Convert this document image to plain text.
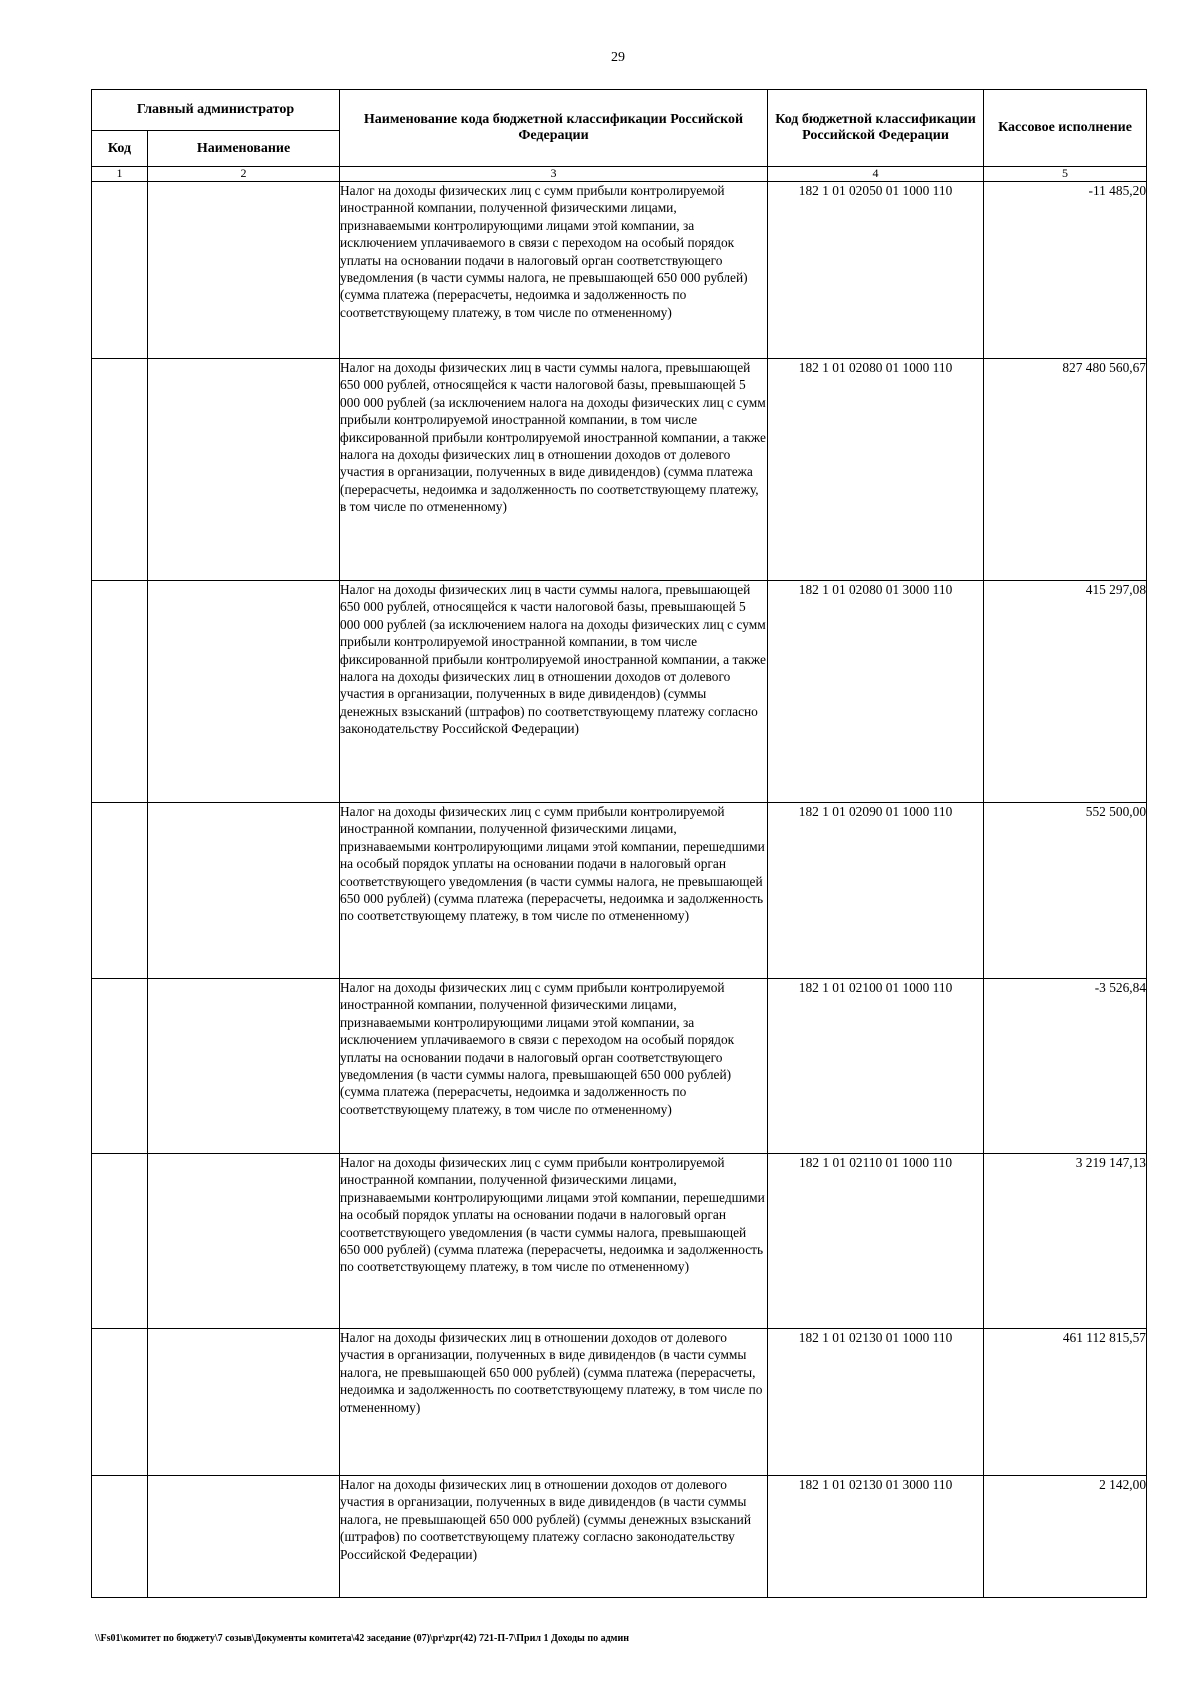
29
Главный администратор		Наименование кода бюджетной классификации Российской Федерации	Код бюджетной классификации Российской Федерации	Кассовое исполнение
Код	Наименование			
1	2	3	4	5
		Налог на доходы физических лиц с сумм прибыли контролируемой иностранной компании, полученной физическими лицами, признаваемыми контролирующими лицами этой компании, за исключением уплачиваемого в связи с переходом на особый порядок уплаты на основании подачи в налоговый орган соответствующего уведомления (в части суммы налога, не превышающей 650 000 рублей) (сумма платежа (перерасчеты, недоимка и задолженность по соответствующему платежу, в том числе по отмененному)	182 1 01 02050 01 1000 110	-11 485,20
		Налог на доходы физических лиц в части суммы налога, превышающей 650 000 рублей, относящейся к части налоговой базы, превышающей 5 000 000 рублей (за исключением налога на доходы физических лиц с сумм прибыли контролируемой иностранной компании, в том числе фиксированной прибыли контролируемой иностранной компании, а также налога на доходы физических лиц в отношении доходов от долевого участия в организации, полученных в виде дивидендов) (сумма платежа (перерасчеты, недоимка и задолженность по соответствующему платежу, в том числе по отмененному)	182 1 01 02080 01 1000 110	827 480 560,67
		Налог на доходы физических лиц в части суммы налога, превышающей 650 000 рублей, относящейся к части налоговой базы, превышающей 5 000 000 рублей (за исключением налога на доходы физических лиц с сумм прибыли контролируемой иностранной компании, в том числе фиксированной прибыли контролируемой иностранной компании, а также налога на доходы физических лиц в отношении доходов от долевого участия в организации, полученных в виде дивидендов) (суммы денежных взысканий (штрафов) по соответствующему платежу согласно законодательству Российской Федерации)	182 1 01 02080 01 3000 110	415 297,08
		Налог на доходы физических лиц с сумм прибыли контролируемой иностранной компании, полученной физическими лицами, признаваемыми контролирующими лицами этой компании, перешедшими на особый порядок уплаты на основании подачи в налоговый орган соответствующего уведомления (в части суммы налога, не превышающей 650 000 рублей) (сумма платежа (перерасчеты, недоимка и задолженность по соответствующему платежу, в том числе по отмененному)	182 1 01 02090 01 1000 110	552 500,00
		Налог на доходы физических лиц с сумм прибыли контролируемой иностранной компании, полученной физическими лицами, признаваемыми контролирующими лицами этой компании, за исключением уплачиваемого в связи с переходом на особый порядок уплаты на основании подачи в налоговый орган соответствующего уведомления (в части суммы налога, превышающей 650 000 рублей) (сумма платежа (перерасчеты, недоимка и задолженность по соответствующему платежу, в том числе по отмененному)	182 1 01 02100 01 1000 110	-3 526,84
		Налог на доходы физических лиц с сумм прибыли контролируемой иностранной компании, полученной физическими лицами, признаваемыми контролирующими лицами этой компании, перешедшими на особый порядок уплаты на основании подачи в налоговый орган соответствующего уведомления (в части суммы налога, превышающей 650 000 рублей) (сумма платежа (перерасчеты, недоимка и задолженность по соответствующему платежу, в том числе по отмененному)	182 1 01 02110 01 1000 110	3 219 147,13
		Налог на доходы физических лиц в отношении доходов от долевого участия в организации, полученных в виде дивидендов (в части суммы налога, не превышающей 650 000 рублей) (сумма платежа (перерасчеты, недоимка и задолженность по соответствующему платежу, в том числе по отмененному)	182 1 01 02130 01 1000 110	461 112 815,57
		Налог на доходы физических лиц в отношении доходов от долевого участия в организации, полученных в виде дивидендов (в части суммы налога, не превышающей 650 000 рублей) (суммы денежных взысканий (штрафов) по соответствующему платежу согласно законодательству Российской Федерации)	182 1 01 02130 01 3000 110	2 142,00
\\Fs01\комитет по бюджету\7 созыв\Документы комитета\42 заседание (07)\pr\zpr(42) 721-П-7\Прил 1 Доходы по админ
